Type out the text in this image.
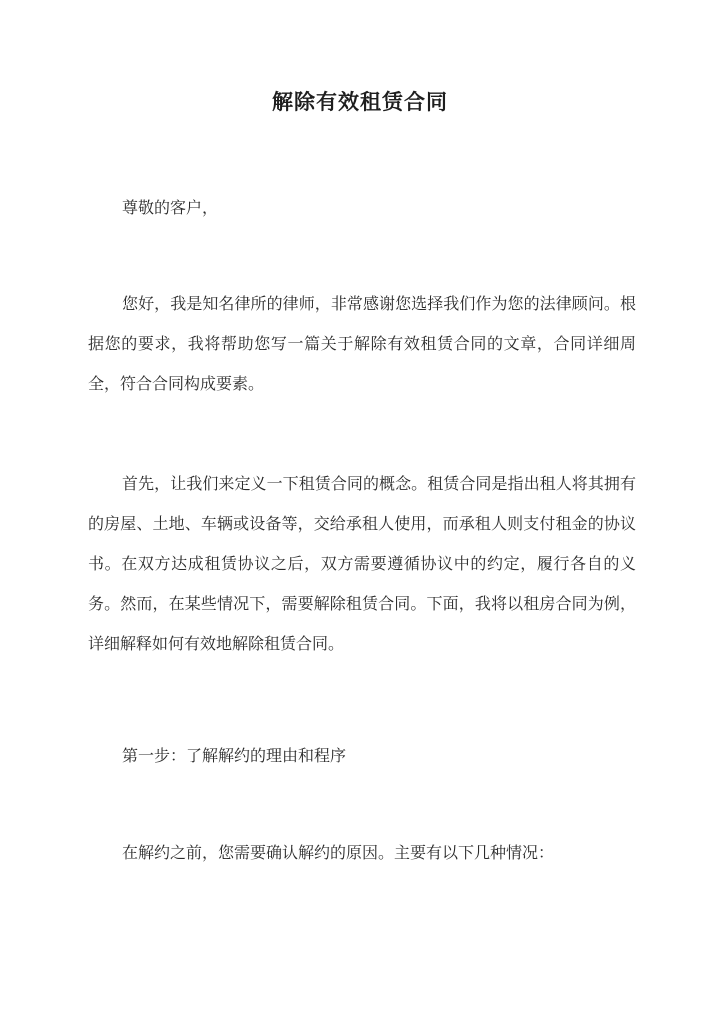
解除有效租赁合同

尊敬的客户，

您好，我是知名律所的律师，非常感谢您选择我们作为您的法律顾问。根据您的要求，我将帮助您写一篇关于解除有效租赁合同的文章，合同详细周全，符合合同构成要素。

首先，让我们来定义一下租赁合同的概念。租赁合同是指出租人将其拥有的房屋、土地、车辆或设备等，交给承租人使用，而承租人则支付租金的协议书。在双方达成租赁协议之后，双方需要遵循协议中的约定，履行各自的义务。然而，在某些情况下，需要解除租赁合同。下面，我将以租房合同为例，详细解释如何有效地解除租赁合同。

第一步：了解解约的理由和程序

在解约之前，您需要确认解约的原因。主要有以下几种情况：
